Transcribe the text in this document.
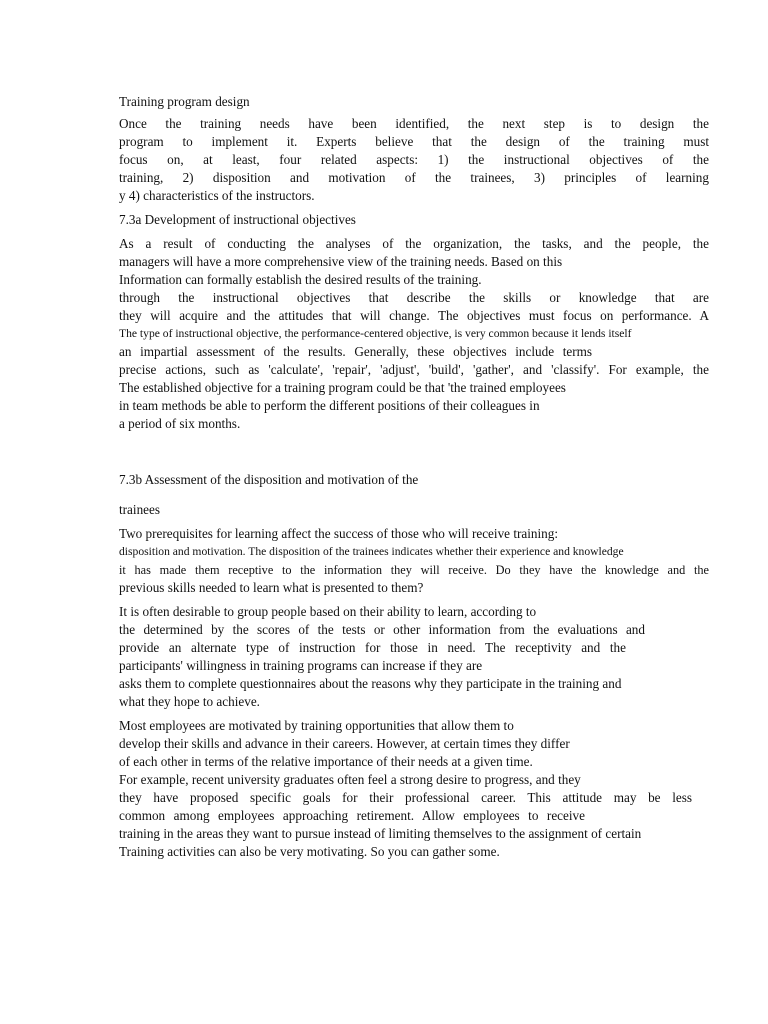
Training program design
Once the training needs have been identified, the next step is to design the
program to implement it. Experts believe that the design of the training must
focus on, at least, four related aspects: 1) the instructional objectives of the
training, 2) disposition and motivation of the trainees, 3) principles of learning
y 4) characteristics of the instructors.
7.3a Development of instructional objectives
As a result of conducting the analyses of the organization, the tasks, and the people, the
managers will have a more comprehensive view of the training needs. Based on this
Information can formally establish the desired results of the training.
through the instructional objectives that describe the skills or knowledge that are
they will acquire and the attitudes that will change. The objectives must focus on performance. A
The type of instructional objective, the performance-centered objective, is very common because it lends itself
an impartial assessment of the results. Generally, these objectives include terms
precise actions, such as 'calculate', 'repair', 'adjust', 'build', 'gather', and 'classify'. For example, the
The established objective for a training program could be that 'the trained employees
in team methods be able to perform the different positions of their colleagues in
a period of six months.
7.3b Assessment of the disposition and motivation of the
trainees
Two prerequisites for learning affect the success of those who will receive training:
disposition and motivation. The disposition of the trainees indicates whether their experience and knowledge
it has made them receptive to the information they will receive. Do they have the knowledge and the
previous skills needed to learn what is presented to them?
It is often desirable to group people based on their ability to learn, according to
the determined by the scores of the tests or other information from the evaluations and
provide an alternate type of instruction for those in need. The receptivity and the
participants' willingness in training programs can increase if they are
asks them to complete questionnaires about the reasons why they participate in the training and
what they hope to achieve.
Most employees are motivated by training opportunities that allow them to
develop their skills and advance in their careers. However, at certain times they differ
of each other in terms of the relative importance of their needs at a given time.
For example, recent university graduates often feel a strong desire to progress, and they
they have proposed specific goals for their professional career. This attitude may be less
common among employees approaching retirement. Allow employees to receive
training in the areas they want to pursue instead of limiting themselves to the assignment of certain
Training activities can also be very motivating. So you can gather some.
